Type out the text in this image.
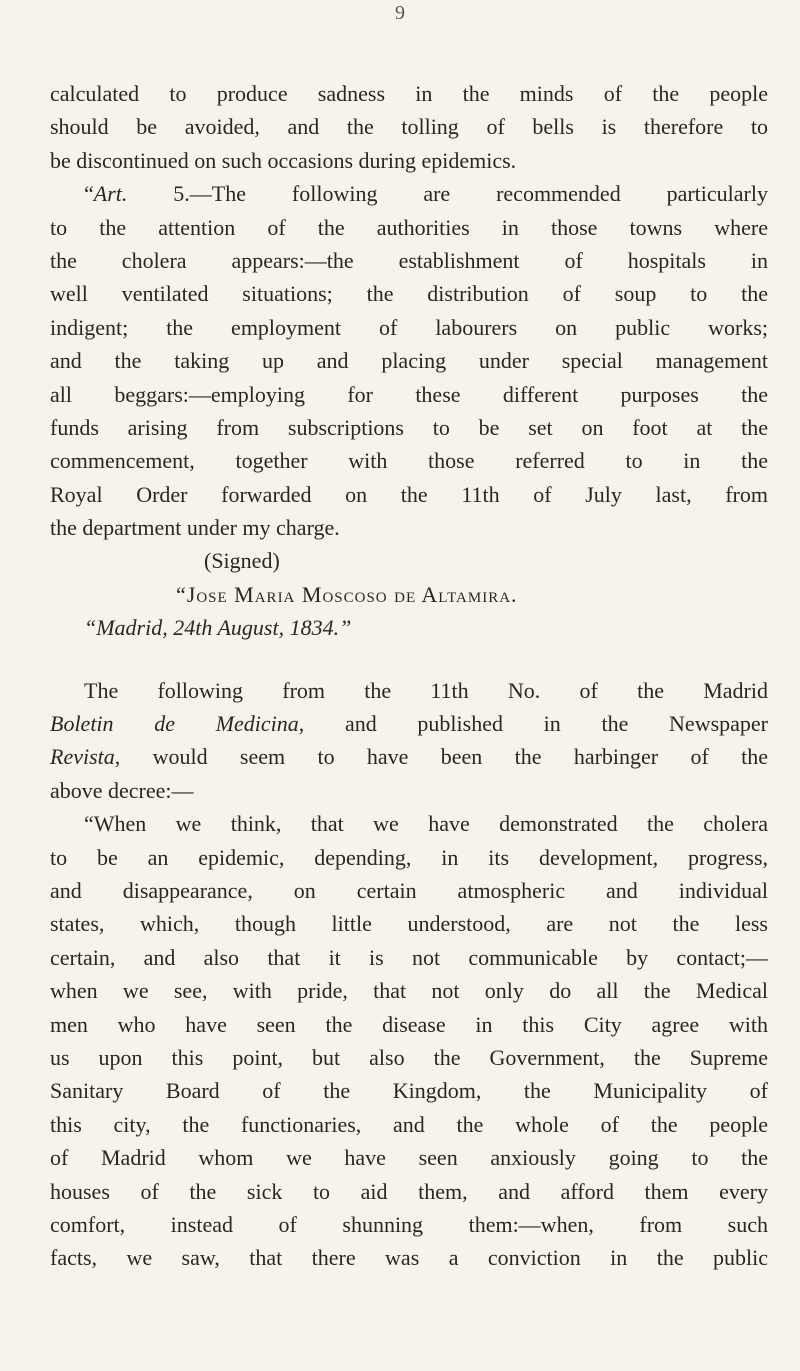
9
calculated to produce sadness in the minds of the people
should be avoided, and the tolling of bells is therefore to
be discontinued on such occasions during epidemics.
“Art. 5.—The following are recommended particularly
to the attention of the authorities in those towns where
the cholera appears:—the establishment of hospitals in
well ventilated situations; the distribution of soup to the
indigent; the employment of labourers on public works;
and the taking up and placing under special management
all beggars:—employing for these different purposes the
funds arising from subscriptions to be set on foot at the
commencement, together with those referred to in the
Royal Order forwarded on the 11th of July last, from
the department under my charge.
(Signed)
“Jose Maria Moscoso de Altamira.
“Madrid, 24th August, 1834.”
The following from the 11th No. of the Madrid
Boletin de Medicina, and published in the Newspaper
Revista, would seem to have been the harbinger of the
above decree:—
“When we think, that we have demonstrated the cholera
to be an epidemic, depending, in its development, progress,
and disappearance, on certain atmospheric and individual
states, which, though little understood, are not the less
certain, and also that it is not communicable by contact;—
when we see, with pride, that not only do all the Medical
men who have seen the disease in this City agree with
us upon this point, but also the Government, the Supreme
Sanitary Board of the Kingdom, the Municipality of
this city, the functionaries, and the whole of the people
of Madrid whom we have seen anxiously going to the
houses of the sick to aid them, and afford them every
comfort, instead of shunning them:—when, from such
facts, we saw, that there was a conviction in the public
